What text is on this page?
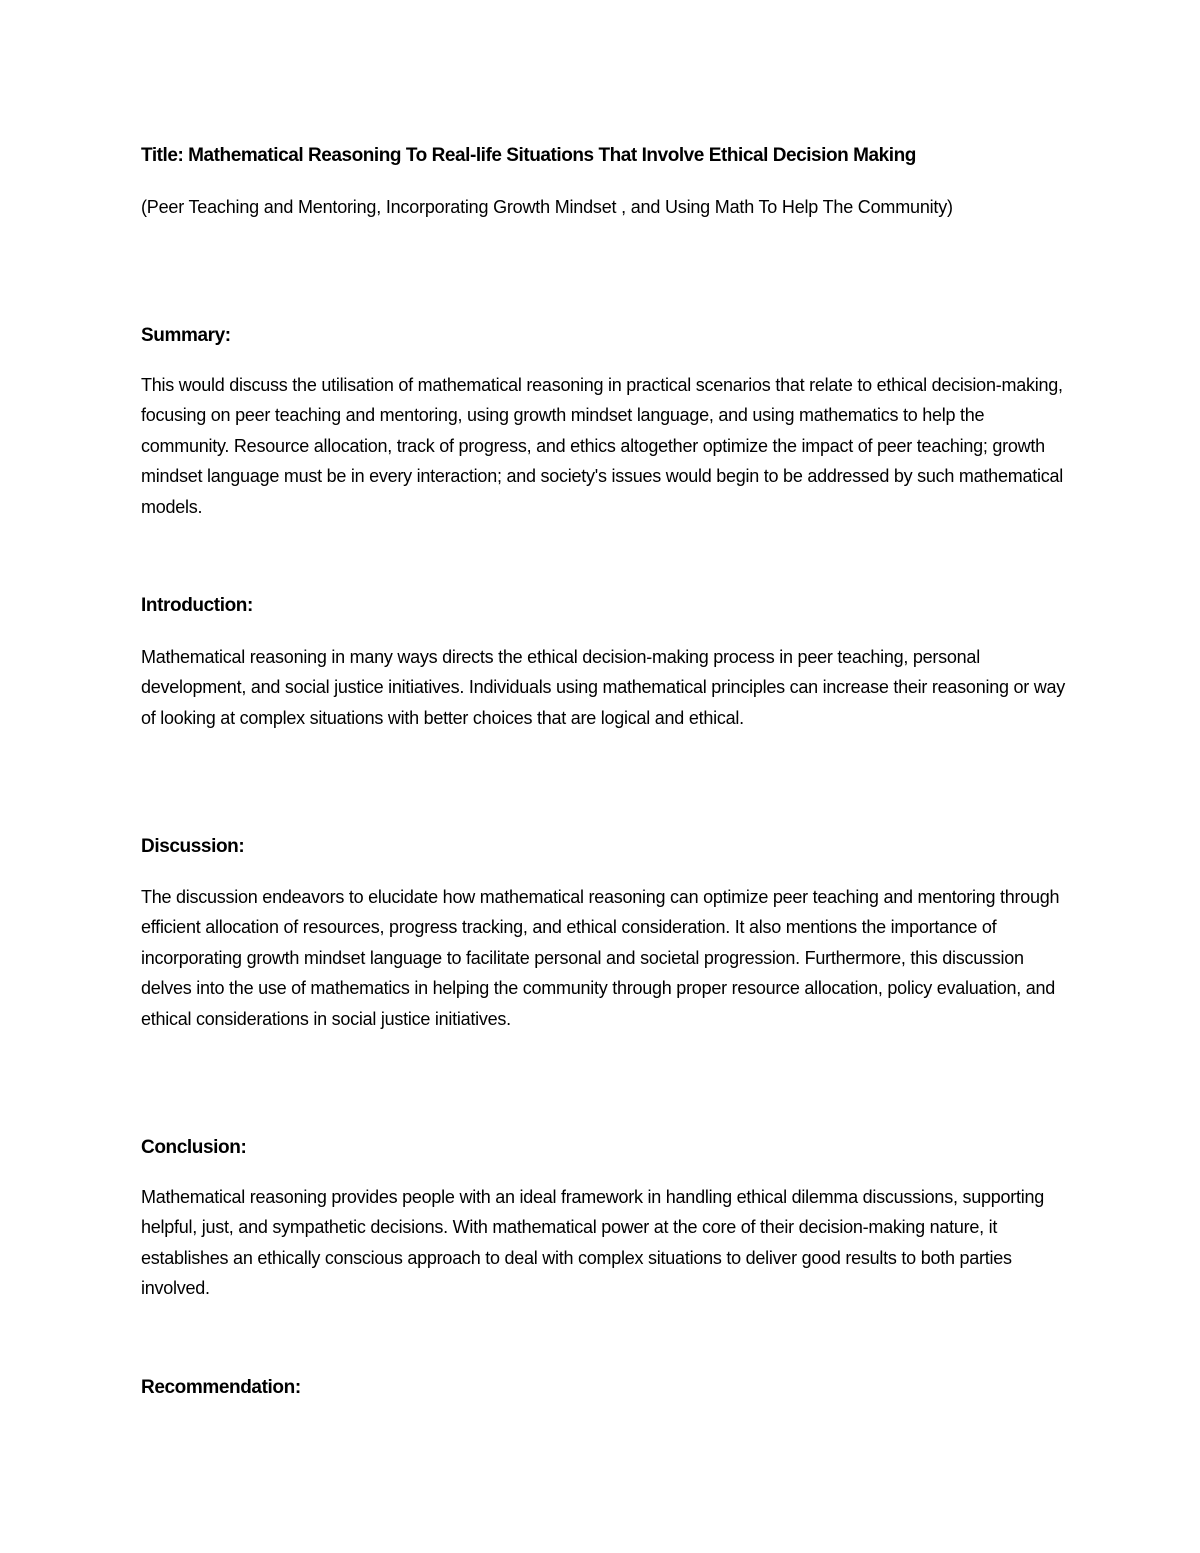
Title: Mathematical Reasoning To Real-life Situations That Involve Ethical Decision Making

(Peer Teaching and Mentoring, Incorporating Growth Mindset , and Using Math To Help The Community)

Summary:

This would discuss the utilisation of mathematical reasoning in practical scenarios that relate to ethical decision-making, focusing on peer teaching and mentoring, using growth mindset language, and using mathematics to help the community. Resource allocation, track of progress, and ethics altogether optimize the impact of peer teaching; growth mindset language must be in every interaction; and society's issues would begin to be addressed by such mathematical models.

Introduction:

Mathematical reasoning in many ways directs the ethical decision-making process in peer teaching, personal development, and social justice initiatives. Individuals using mathematical principles can increase their reasoning or way of looking at complex situations with better choices that are logical and ethical.

Discussion:

The discussion endeavors to elucidate how mathematical reasoning can optimize peer teaching and mentoring through efficient allocation of resources, progress tracking, and ethical consideration. It also mentions the importance of incorporating growth mindset language to facilitate personal and societal progression. Furthermore, this discussion delves into the use of mathematics in helping the community through proper resource allocation, policy evaluation, and ethical considerations in social justice initiatives.

Conclusion:

Mathematical reasoning provides people with an ideal framework in handling ethical dilemma discussions, supporting helpful, just, and sympathetic decisions. With mathematical power at the core of their decision-making nature, it establishes an ethically conscious approach to deal with complex situations to deliver good results to both parties involved.

Recommendation:
